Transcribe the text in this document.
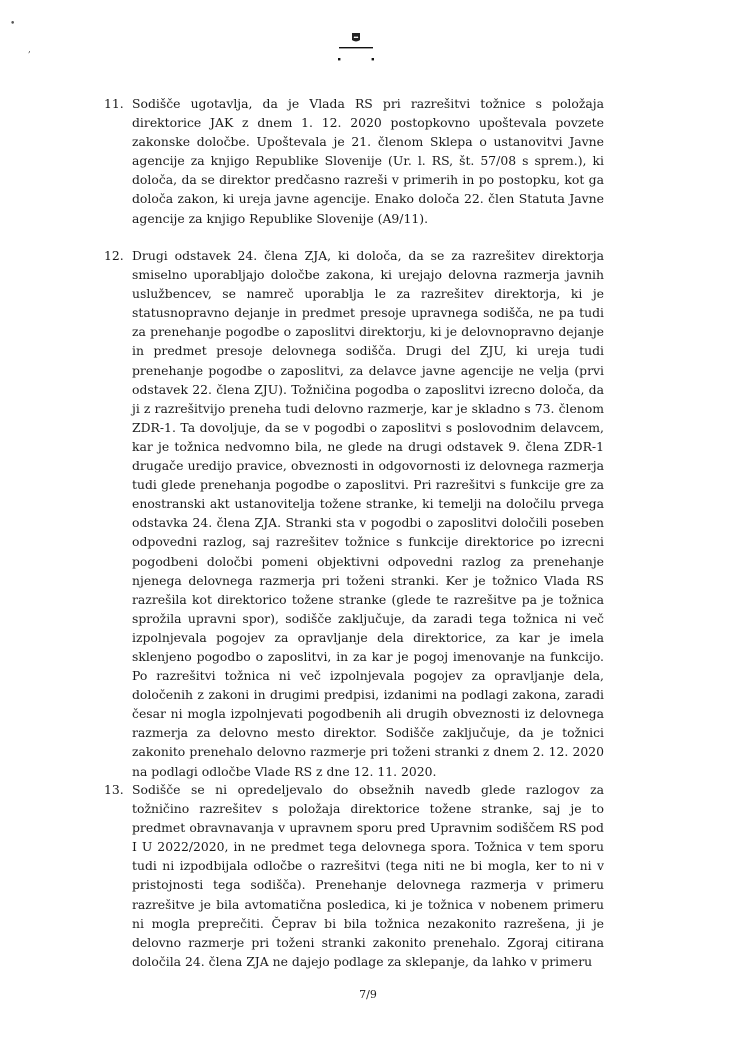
•
,
11. Sodišče ugotavlja, da je Vlada RS pri razrešitvi tožnice s položaja direktorice JAK z dnem 1. 12. 2020 postopkovno upoštevala povzete zakonske določbe. Upoštevala je 21. členom Sklepa o ustanovitvi Javne agencije za knjigo Republike Slovenije (Ur. l. RS, št. 57/08 s sprem.), ki določa, da se direktor predčasno razreši v primerih in po postopku, kot ga določa zakon, ki ureja javne agencije. Enako določa 22. člen Statuta Javne agencije za knjigo Republike Slovenije (A9/11).
12. Drugi odstavek 24. člena ZJA, ki določa, da se za razrešitev direktorja smiselno uporabljajo določbe zakona, ki urejajo delovna razmerja javnih uslužbencev, se namreč uporablja le za razrešitev direktorja, ki je statusnopravno dejanje in predmet presoje upravnega sodišča, ne pa tudi za prenehanje pogodbe o zaposlitvi direktorju, ki je delovnopravno dejanje in predmet presoje delovnega sodišča. Drugi del ZJU, ki ureja tudi prenehanje pogodbe o zaposlitvi, za delavce javne agencije ne velja (prvi odstavek 22. člena ZJU). Tožničina pogodba o zaposlitvi izrecno določa, da ji z razrešitvijo preneha tudi delovno razmerje, kar je skladno s 73. členom ZDR-1. Ta dovoljuje, da se v pogodbi o zaposlitvi s poslovodnim delavcem, kar je tožnica nedvomno bila, ne glede na drugi odstavek 9. člena ZDR-1 drugače uredijo pravice, obveznosti in odgovornosti iz delovnega razmerja tudi glede prenehanja pogodbe o zaposlitvi. Pri razrešitvi s funkcije gre za enostranski akt ustanovitelja tožene stranke, ki temelji na določilu prvega odstavka 24. člena ZJA. Stranki sta v pogodbi o zaposlitvi določili poseben odpovedni razlog, saj razrešitev tožnice s funkcije direktorice po izrecni pogodbeni določbi pomeni objektivni odpovedni razlog za prenehanje njenega delovnega razmerja pri toženi stranki. Ker je tožnico Vlada RS razrešila kot direktorico tožene stranke (glede te razrešitve pa je tožnica sprožila upravni spor), sodišče zaključuje, da zaradi tega tožnica ni več izpolnjevala pogojev za opravljanje dela direktorice, za kar je imela sklenjeno pogodbo o zaposlitvi, in za kar je pogoj imenovanje na funkcijo. Po razrešitvi tožnica ni več izpolnjevala pogojev za opravljanje dela, določenih z zakoni in drugimi predpisi, izdanimi na podlagi zakona, zaradi česar ni mogla izpolnjevati pogodbenih ali drugih obveznosti iz delovnega razmerja za delovno mesto direktor. Sodišče zaključuje, da je tožnici zakonito prenehalo delovno razmerje pri toženi stranki z dnem 2. 12. 2020 na podlagi odločbe Vlade RS z dne 12. 11. 2020.
13. Sodišče se ni opredeljevalo do obsežnih navedb glede razlogov za tožničino razrešitev s položaja direktorice tožene stranke, saj je to predmet obravnavanja v upravnem sporu pred Upravnim sodiščem RS pod I U 2022/2020, in ne predmet tega delovnega spora. Tožnica v tem sporu tudi ni izpodbijala odločbe o razrešitvi (tega niti ne bi mogla, ker to ni v pristojnosti tega sodišča). Prenehanje delovnega razmerja v primeru razrešitve je bila avtomatična posledica, ki je tožnica v nobenem primeru ni mogla preprečiti. Čeprav bi bila tožnica nezakonito razrešena, ji je delovno razmerje pri toženi stranki zakonito prenehalo. Zgoraj citirana določila 24. člena ZJA ne dajejo podlage za sklepanje, da lahko v primeru
7/9
